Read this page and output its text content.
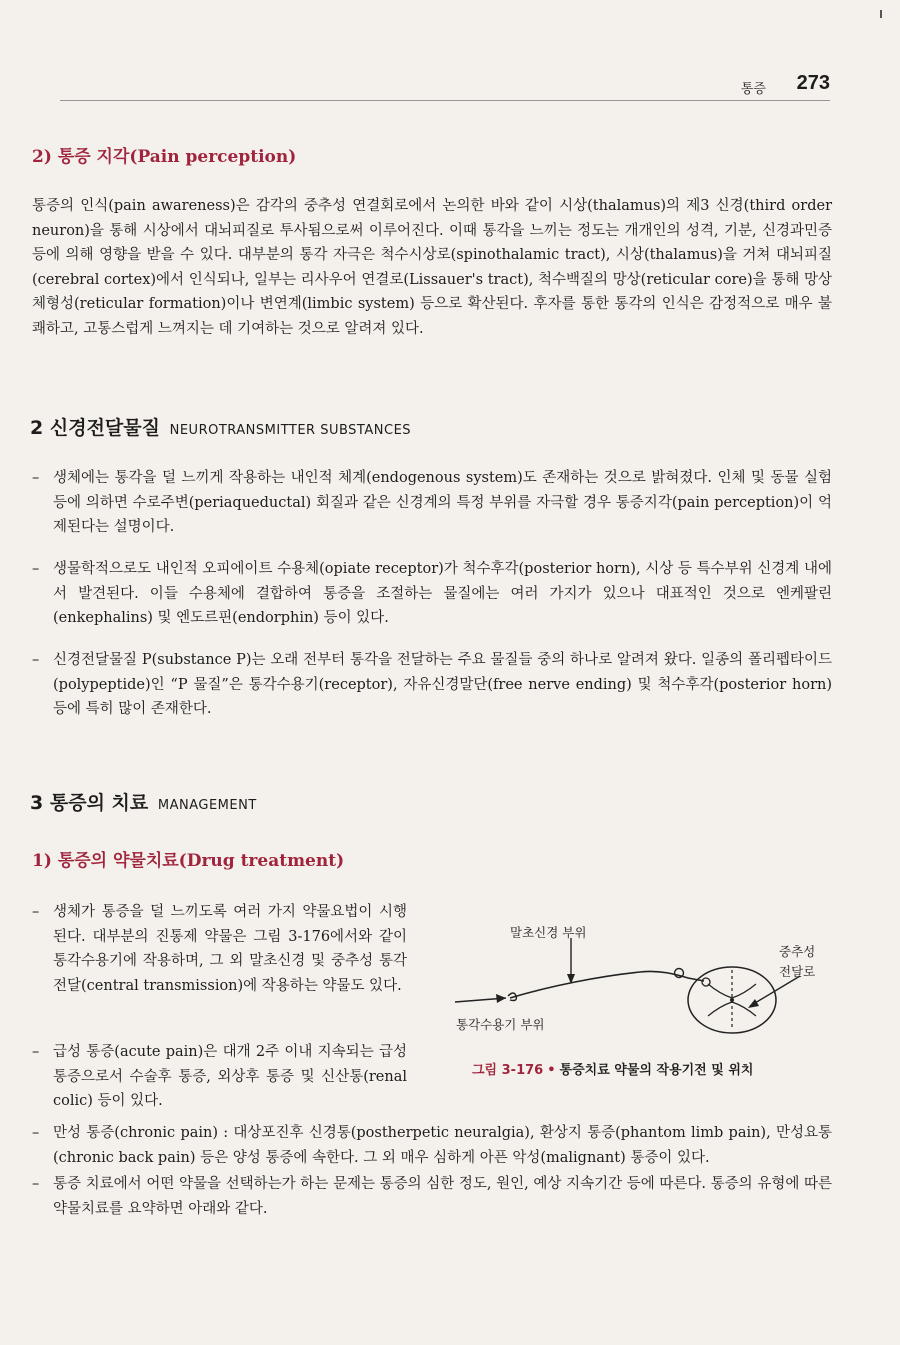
통증 273
2) 통증 지각(Pain perception)
통증의 인식(pain awareness)은 감각의 중추성 연결회로에서 논의한 바와 같이 시상(thalamus)의 제3 신경(third order neuron)을 통해 시상에서 대뇌피질로 투사됨으로써 이루어진다. 이때 통각을 느끼는 정도는 개개인의 성격, 기분, 신경과민증 등에 의해 영향을 받을 수 있다. 대부분의 통각 자극은 척수시상로(spinothalamic tract), 시상(thalamus)을 거쳐 대뇌피질(cerebral cortex)에서 인식되나, 일부는 리사우어 연결로(Lissauer's tract), 척수백질의 망상(reticular core)을 통해 망상체형성(reticular formation)이나 변연계(limbic system) 등으로 확산된다. 후자를 통한 통각의 인식은 감정적으로 매우 불쾌하고, 고통스럽게 느껴지는 데 기여하는 것으로 알려져 있다.
2 신경전달물질 NEUROTRANSMITTER SUBSTANCES
– 생체에는 통각을 덜 느끼게 작용하는 내인적 체계(endogenous system)도 존재하는 것으로 밝혀졌다. 인체 및 동물 실험 등에 의하면 수로주변(periaqueductal) 회질과 같은 신경계의 특정 부위를 자극할 경우 통증지각(pain perception)이 억제된다는 설명이다.
– 생물학적으로도 내인적 오피에이트 수용체(opiate receptor)가 척수후각(posterior horn), 시상 등 특수부위 신경계 내에서 발견된다. 이들 수용체에 결합하여 통증을 조절하는 물질에는 여러 가지가 있으나 대표적인 것으로 엔케팔린(enkephalins) 및 엔도르핀(endorphin) 등이 있다.
– 신경전달물질 P(substance P)는 오래 전부터 통각을 전달하는 주요 물질들 중의 하나로 알려져 왔다. 일종의 폴리펩타이드(polypeptide)인 “P 물질”은 통각수용기(receptor), 자유신경말단(free nerve ending) 및 척수후각(posterior horn) 등에 특히 많이 존재한다.
3 통증의 치료 MANAGEMENT
1) 통증의 약물치료(Drug treatment)
– 생체가 통증을 덜 느끼도록 여러 가지 약물요법이 시행된다. 대부분의 진통제 약물은 그림 3-176에서와 같이 통각수용기에 작용하며, 그 외 말초신경 및 중추성 통각전달(central transmission)에 작용하는 약물도 있다.
– 급성 통증(acute pain)은 대개 2주 이내 지속되는 급성 통증으로서 수술후 통증, 외상후 통증 및 신산통(renal colic) 등이 있다.
– 만성 통증(chronic pain) : 대상포진후 신경통(postherpetic neuralgia), 환상지 통증(phantom limb pain), 만성요통(chronic back pain) 등은 양성 통증에 속한다. 그 외 매우 심하게 아픈 악성(malignant) 통증이 있다.
– 통증 치료에서 어떤 약물을 선택하는가 하는 문제는 통증의 심한 정도, 원인, 예상 지속기간 등에 따른다. 통증의 유형에 따른 약물치료를 요약하면 아래와 같다.
말초신경 부위
중추성
전달로
통각수용기 부위
그림 3-176 • 통증치료 약물의 작용기전 및 위치
